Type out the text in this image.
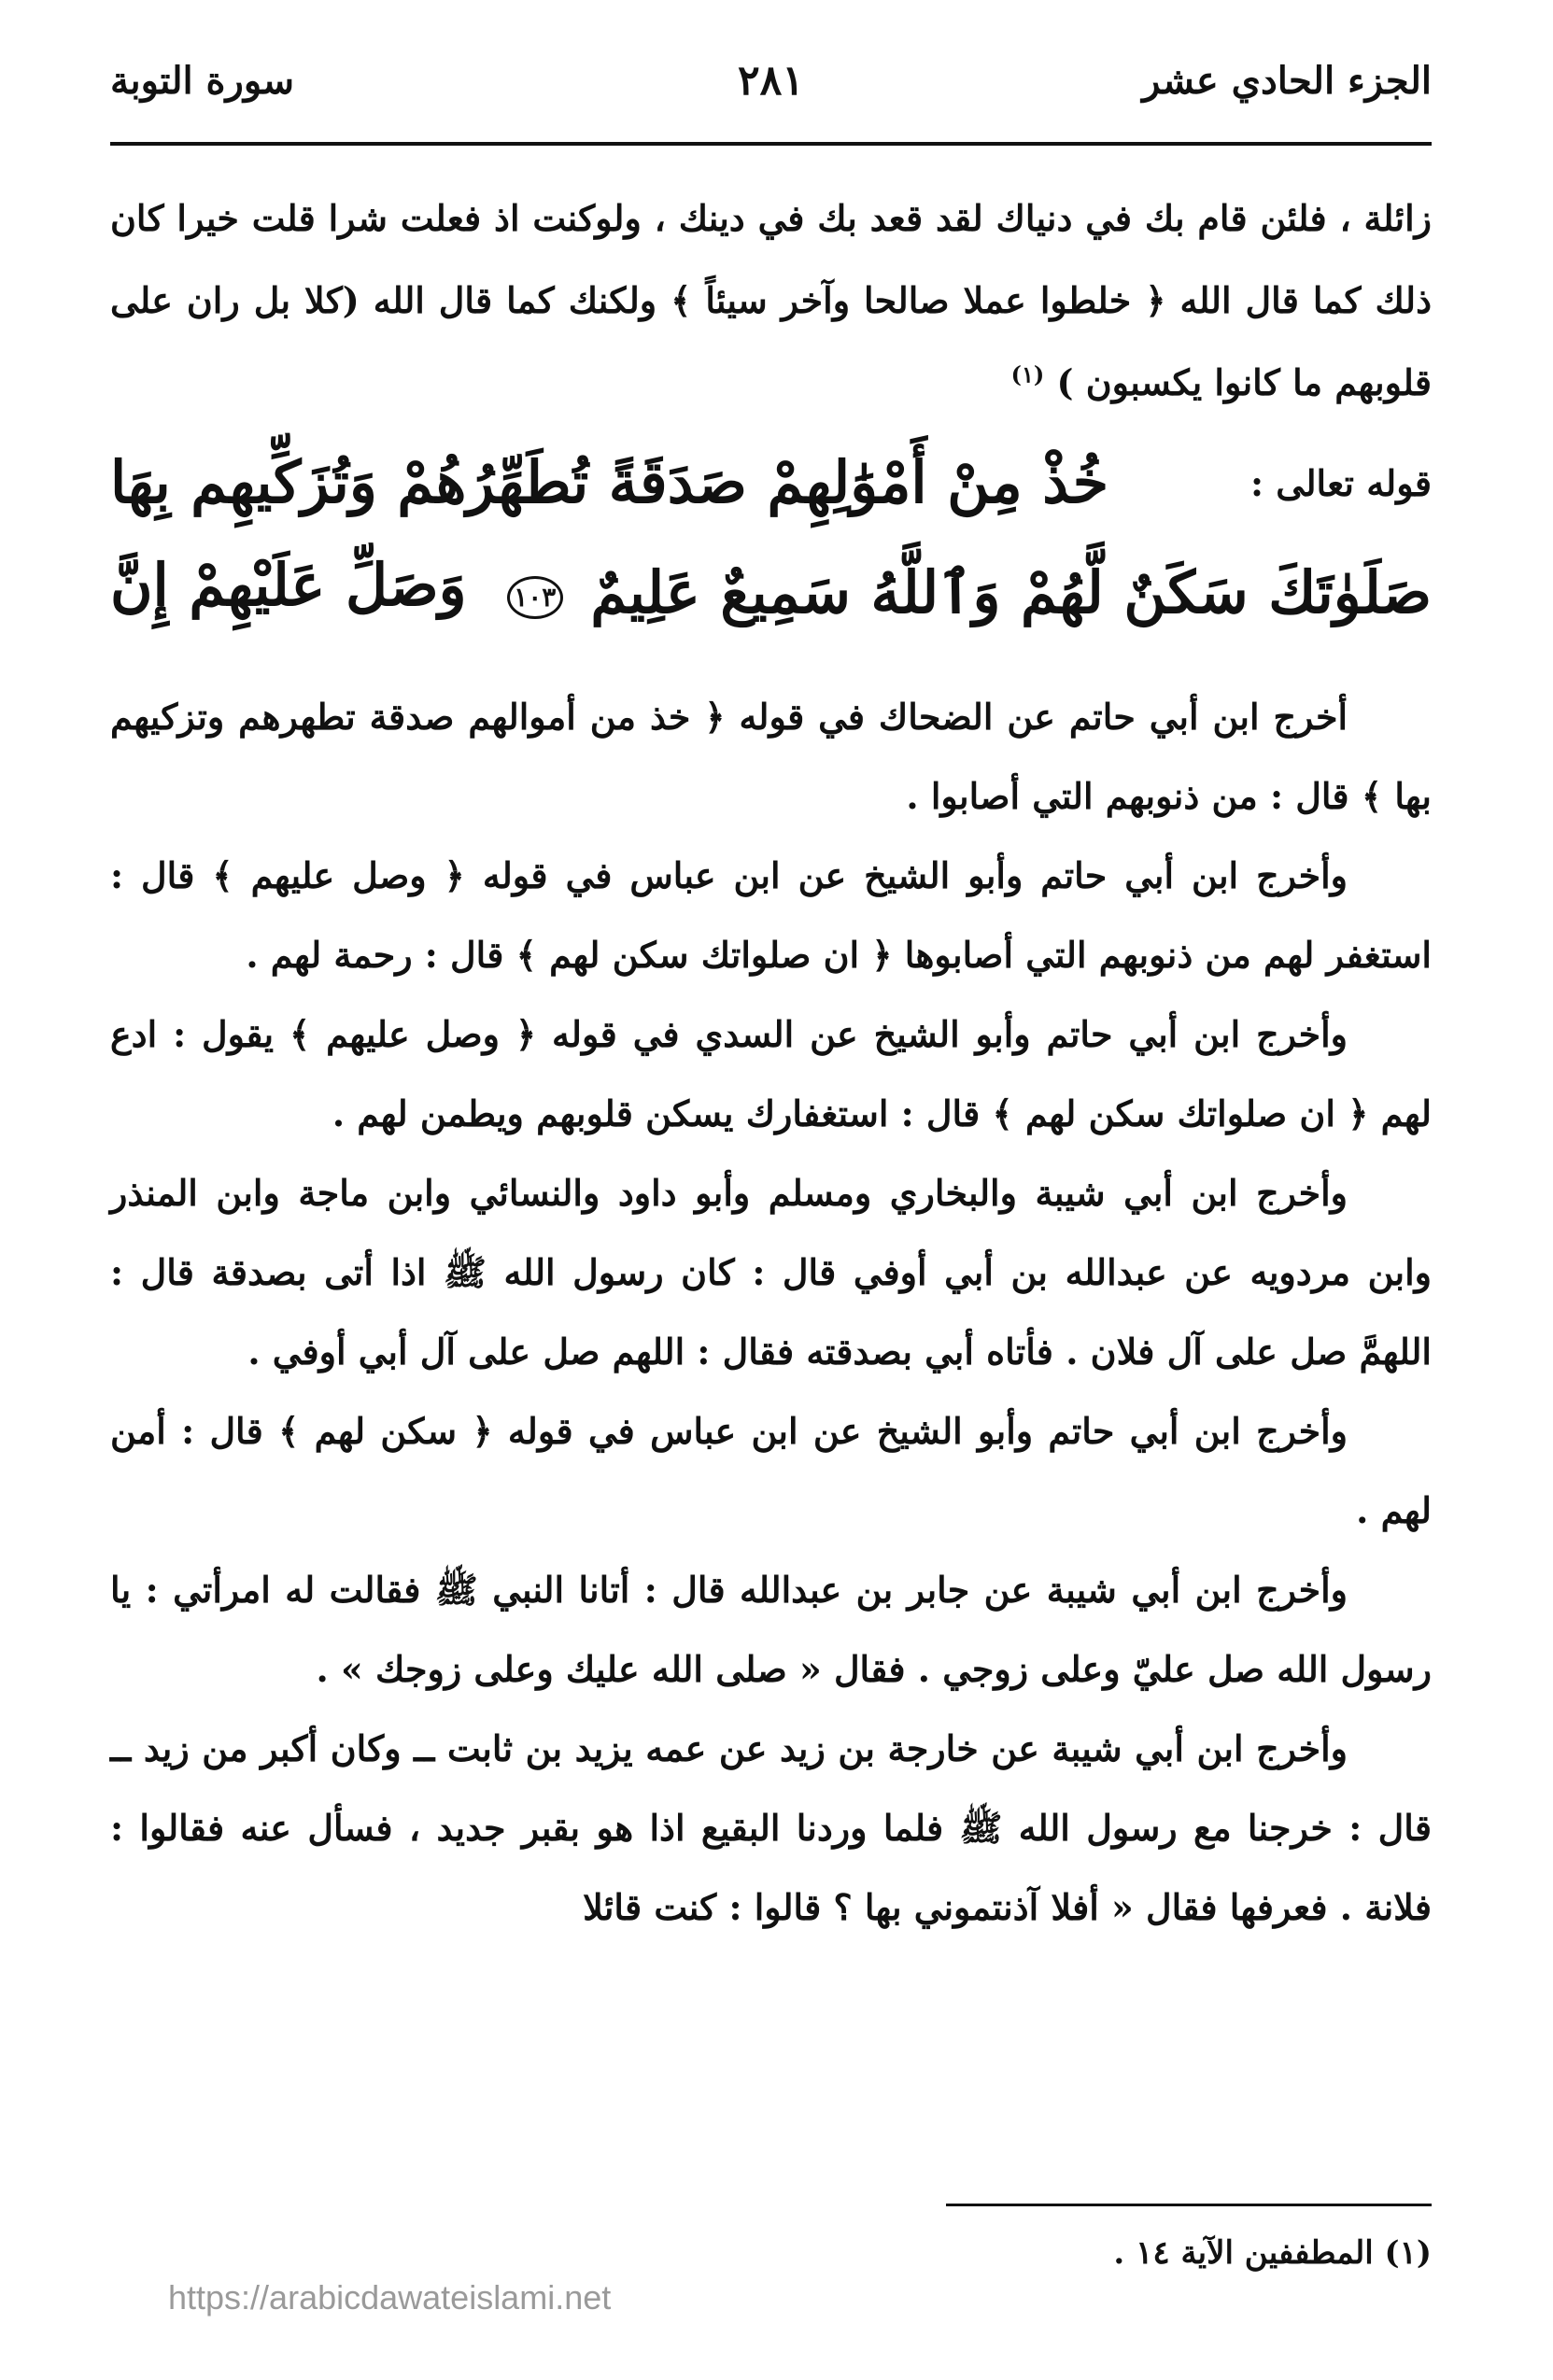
الجزء الحادي عشر
٢٨١
سورة التوبة

زائلة ، فلئن قام بك في دنياك لقد قعد بك في دينك ، ولوكنت اذ فعلت شرا قلت خيرا كان ذلك كما قال الله ﴿ خلطوا عملا صالحا وآخر سيئاً ﴾ ولكنك كما قال الله (كلا بل ران على قلوبهم ما كانوا يكسبون ) $^{(١)}$

قوله تعالى :
خُذْ مِنْ أَمْوَٰلِهِمْ صَدَقَةً تُطَهِّرُهُمْ وَتُزَكِّيهِم بِهَا وَصَلِّ عَلَيْهِمْ إِنَّ	صَلَوٰتَكَ سَكَنٌ لَّهُمْ وَٱللَّهُ سَمِيعٌ عَلِيمٌ ١٠٣

أخرج ابن أبي حاتم عن الضحاك في قوله ﴿ خذ من أموالهم صدقة تطهرهم وتزكيهم بها ﴾ قال : من ذنوبهم التي أصابوا .

وأخرج ابن أبي حاتم وأبو الشيخ عن ابن عباس في قوله ﴿ وصل عليهم ﴾ قال : استغفر لهم من ذنوبهم التي أصابوها ﴿ ان صلواتك سكن لهم ﴾ قال : رحمة لهم .

وأخرج ابن أبي حاتم وأبو الشيخ عن السدي في قوله ﴿ وصل عليهم ﴾ يقول : ادع لهم ﴿ ان صلواتك سكن لهم ﴾ قال : استغفارك يسكن قلوبهم ويطمن لهم .

وأخرج ابن أبي شيبة والبخاري ومسلم وأبو داود والنسائي وابن ماجة وابن المنذر وابن مردويه عن عبدالله بن أبي أوفي قال : كان رسول الله ﷺ اذا أتى بصدقة قال : اللهمَّ صل على آل فلان . فأتاه أبي بصدقته فقال : اللهم صل على آل أبي أوفي .

وأخرج ابن أبي حاتم وأبو الشيخ عن ابن عباس في قوله ﴿ سكن لهم ﴾ قال : أمن لهم .

وأخرج ابن أبي شيبة عن جابر بن عبدالله قال : أتانا النبي ﷺ فقالت له امرأتي : يا رسول الله صل عليّ وعلى زوجي . فقال « صلى الله عليك وعلى زوجك » .

وأخرج ابن أبي شيبة عن خارجة بن زيد عن عمه يزيد بن ثابت ــ وكان أكبر من زيد ــ قال : خرجنا مع رسول الله ﷺ فلما وردنا البقيع اذا هو بقبر جديد ، فسأل عنه فقالوا : فلانة . فعرفها فقال « أفلا آذنتموني بها ؟ قالوا : كنت قائلا

(١) المطففين الآية ١٤ .
https://arabicdawateislami.net
